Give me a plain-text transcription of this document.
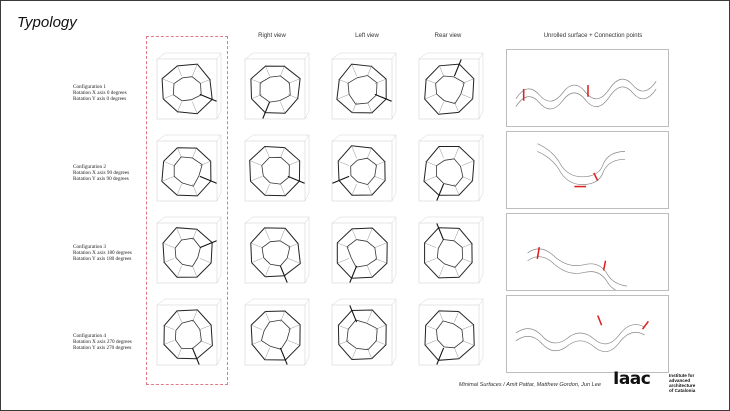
Typology
Right view	Left view	Rear view	Unrolled surface + Connection points
Configuration 1
Rotation X axis 0 degrees
Rotation Y axis 0 degrees
Configuration 2
Rotation X axis 90 degrees
Rotation Y axis 90 degrees
Configuration 3
Rotation X axis 180 degrees
Rotation Y axis 180 degrees
Configuration 4
Rotation X axis 270 degrees
Rotation Y axis 270 degrees
Minimal Surfaces / Amit Pattar, Matthew Gordon, Jun Lee Iaac	Institute for
advanced
architecture
of Catalonia
